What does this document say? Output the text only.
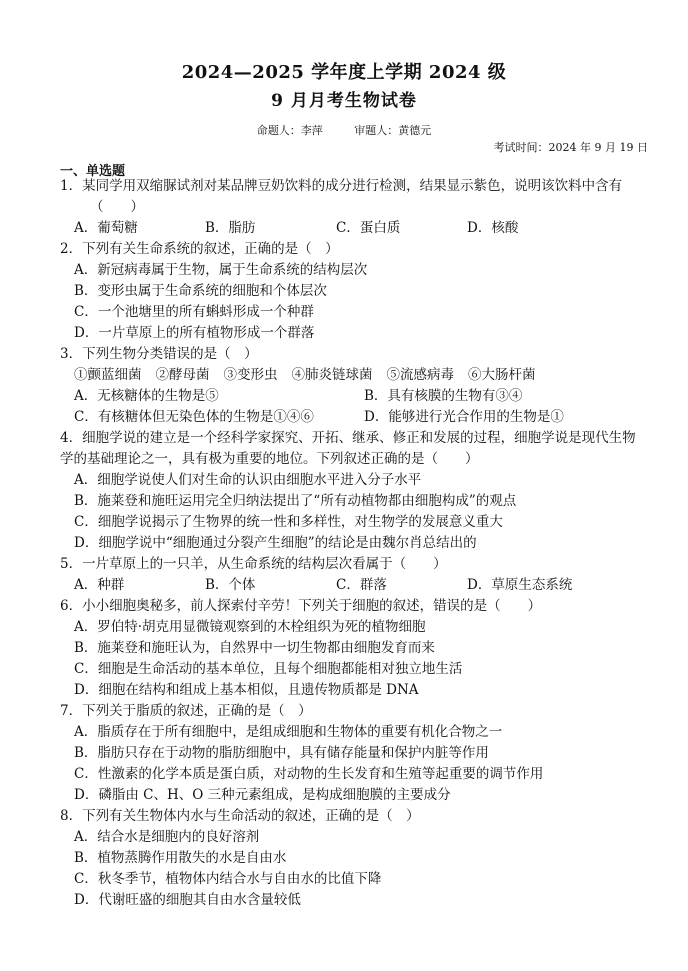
2024—2025 学年度上学期 2024 级
9 月月考生物试卷
命题人：李萍	审题人：黄德元
考试时间：2024 年 9 月 19 日
一、单选题
1．某同学用双缩脲试剂对某品牌豆奶饮料的成分进行检测，结果显示紫色，说明该饮料中含有
（　　）
A．葡萄糖	B．脂肪	C．蛋白质	D．核酸
2．下列有关生命系统的叙述，正确的是（　）
A．新冠病毒属于生物，属于生命系统的结构层次
B．变形虫属于生命系统的细胞和个体层次
C．一个池塘里的所有蝌蚪形成一个种群
D．一片草原上的所有植物形成一个群落
3．下列生物分类错误的是（　）
①颤蓝细菌 ②酵母菌 ③变形虫 ④肺炎链球菌 ⑤流感病毒 ⑥大肠杆菌
A．无核糖体的生物是⑤	B．具有核膜的生物有③④
C．有核糖体但无染色体的生物是①④⑥	D．能够进行光合作用的生物是①
4．细胞学说的建立是一个经科学家探究、开拓、继承、修正和发展的过程，细胞学说是现代生物
学的基础理论之一，具有极为重要的地位。下列叙述正确的是（　　）
A．细胞学说使人们对生命的认识由细胞水平进入分子水平
B．施莱登和施旺运用完全归纳法提出了“所有动植物都由细胞构成”的观点
C．细胞学说揭示了生物界的统一性和多样性，对生物学的发展意义重大
D．细胞学说中“细胞通过分裂产生细胞”的结论是由魏尔肖总结出的
5．一片草原上的一只羊，从生命系统的结构层次看属于（　　）
A．种群	B．个体	C．群落	D．草原生态系统
6．小小细胞奥秘多，前人探索付辛劳！下列关于细胞的叙述，错误的是（　　）
A．罗伯特·胡克用显微镜观察到的木栓组织为死的植物细胞
B．施莱登和施旺认为，自然界中一切生物都由细胞发育而来
C．细胞是生命活动的基本单位，且每个细胞都能相对独立地生活
D．细胞在结构和组成上基本相似，且遗传物质都是 DNA
7．下列关于脂质的叙述，正确的是（　）
A．脂质存在于所有细胞中，是组成细胞和生物体的重要有机化合物之一
B．脂肪只存在于动物的脂肪细胞中，具有储存能量和保护内脏等作用
C．性激素的化学本质是蛋白质，对动物的生长发育和生殖等起重要的调节作用
D．磷脂由 C、H、O 三种元素组成，是构成细胞膜的主要成分
8．下列有关生物体内水与生命活动的叙述，正确的是（　）
A．结合水是细胞内的良好溶剂
B．植物蒸腾作用散失的水是自由水
C．秋冬季节，植物体内结合水与自由水的比值下降
D．代谢旺盛的细胞其自由水含量较低
